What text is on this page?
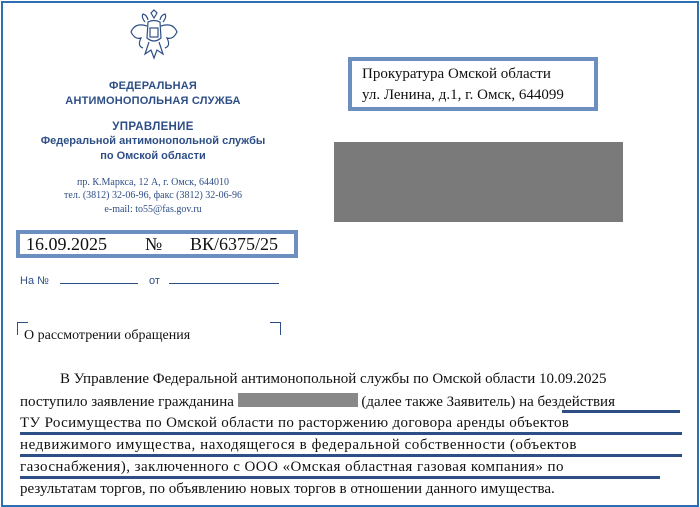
ФЕДЕРАЛЬНАЯ
АНТИМОНОПОЛЬНАЯ СЛУЖБА
УПРАВЛЕНИЕ
Федеральной антимонопольной службы
по Омской области
пр. К.Маркса, 12 А, г. Омск, 644010
тел. (3812) 32-06-96, факс (3812) 32-06-96
e-mail: to55@fas.gov.ru
16.09.2025 № ВК/6375/25
На №	от
О рассмотрении обращения
Прокуратура Омской области
ул. Ленина, д.1, г. Омск, 644099
В Управление Федеральной антимонопольной службы по Омской области 10.09.2025
поступило заявление гражданина	(далее также Заявитель) на бездействия
ТУ Росимущества по Омской области по расторжению договора аренды объектов
недвижимого имущества, находящегося в федеральной собственности (объектов
газоснабжения), заключенного с ООО «Омская областная газовая компания» по
результатам торгов, по объявлению новых торгов в отношении данного имущества.
